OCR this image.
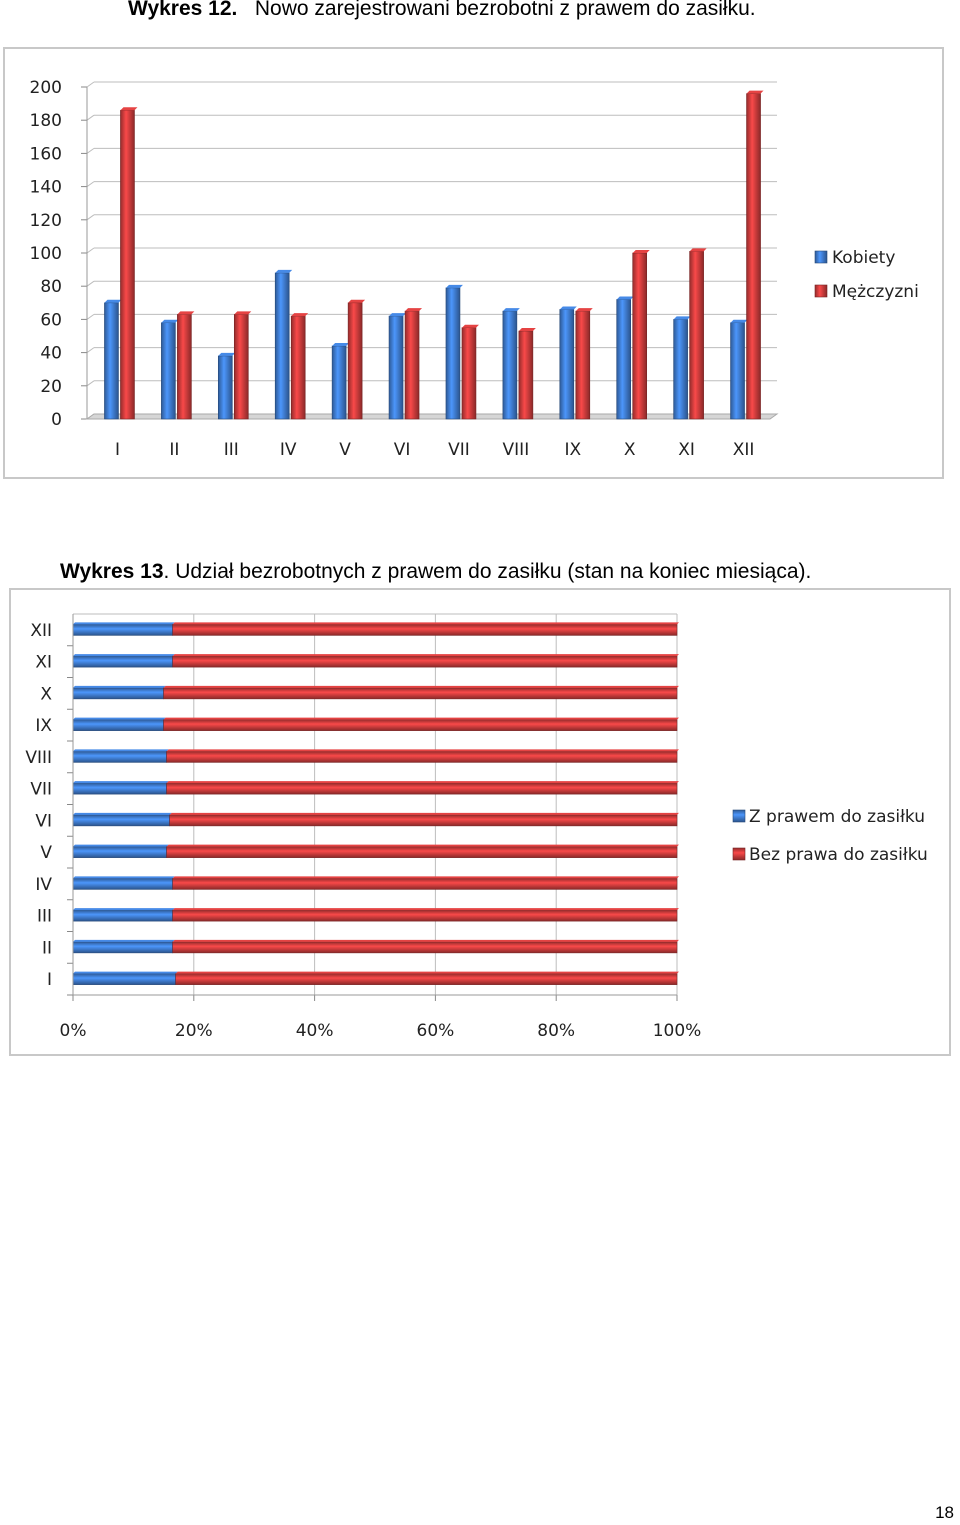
Wykres 12. Nowo zarejestrowani bezrobotni z prawem do zasiłku.
0
20
40
60
80
100
120
140
160
180
200
I	II	III IV	V	VI VII VIII IX	X	XI XII
Kobiety
Mężczyzni
Wykres 13. Udział bezrobotnych z prawem do zasiłku (stan na koniec miesiąca).
0%	20%	40%	60%	80%	100%
I
II
III
IV
V
VI
VII
VIII
IX
X
XI
XII
Z prawem do zasiłku
Bez prawa do zasiłku
18
